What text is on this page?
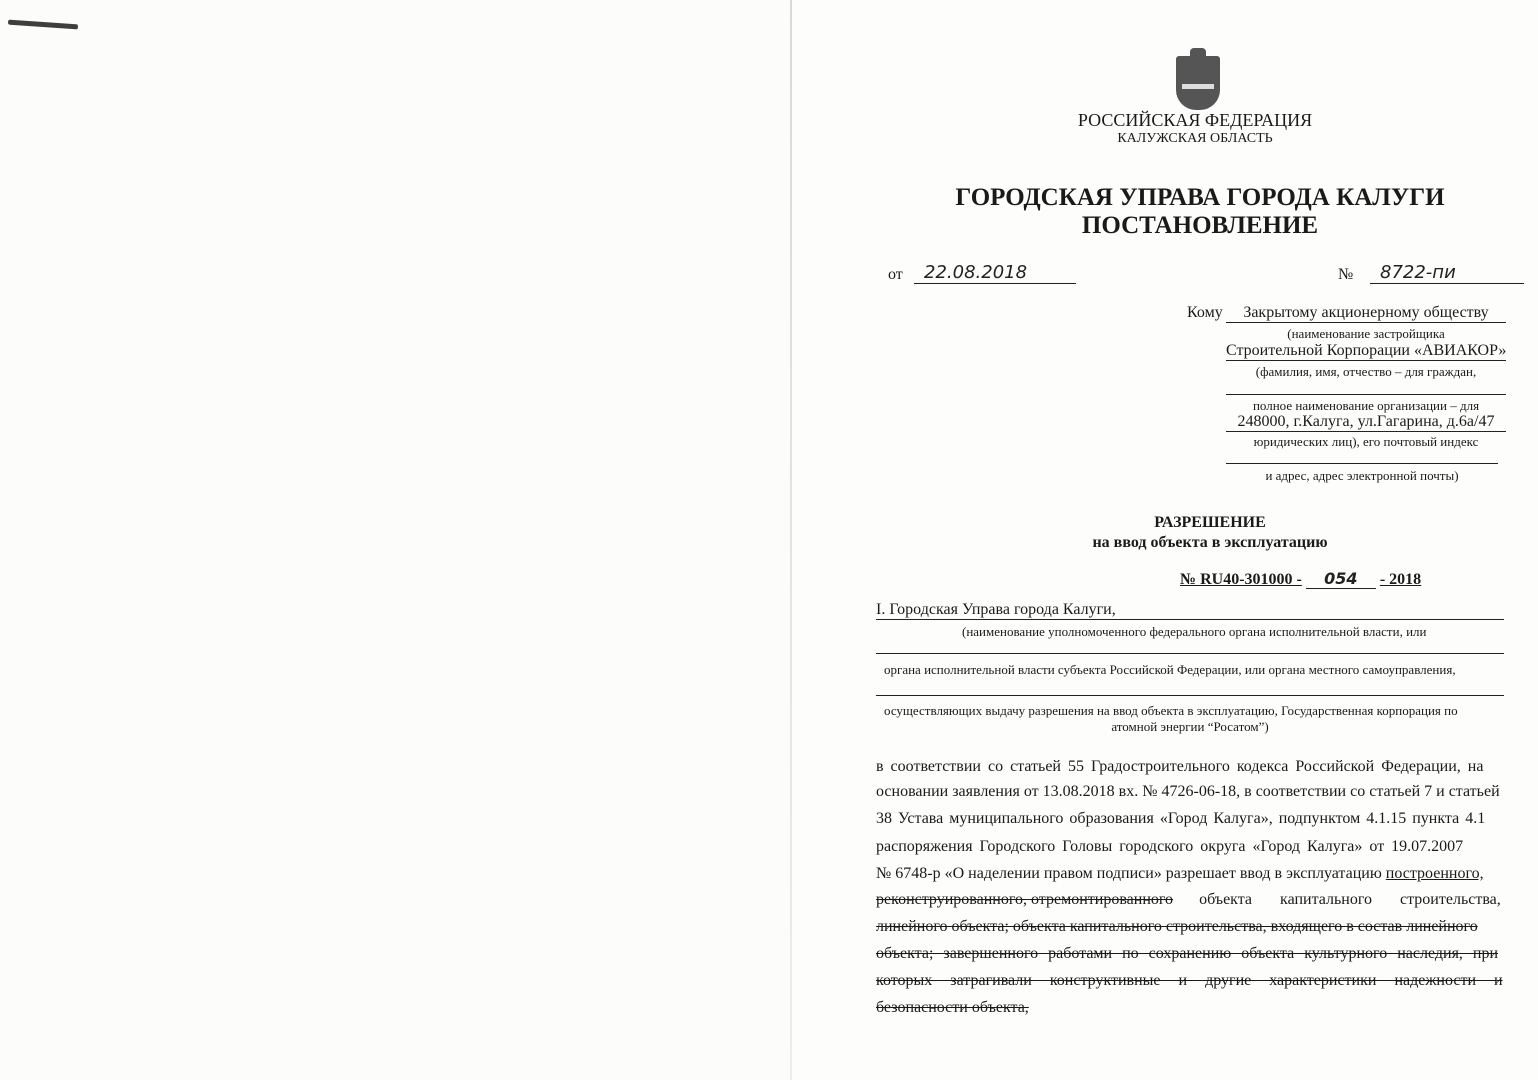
РОССИЙСКАЯ ФЕДЕРАЦИЯ
КАЛУЖСКАЯ ОБЛАСТЬ
ГОРОДСКАЯ УПРАВА ГОРОДА КАЛУГИ
ПОСТАНОВЛЕНИЕ
от	22.08.2018	№	8722-пи
Кому	Закрытому акционерному обществу
(наименование застройщика
Строительной Корпорации «АВИАКОР»
(фамилия, имя, отчество – для граждан,
полное наименование организации – для
248000, г.Калуга, ул.Гагарина, д.6а/47
юридических лиц), его почтовый индекс
и адрес, адрес электронной почты)
РАЗРЕШЕНИЕ
на ввод объекта в эксплуатацию
№ RU40-301000 - 054 - 2018
I. Городская Управа города Калуги,
(наименование уполномоченного федерального органа исполнительной власти, или
органа исполнительной власти субъекта Российской Федерации, или органа местного самоуправления,
осуществляющих выдачу разрешения на ввод объекта в эксплуатацию, Государственная корпорация по
атомной энергии “Росатом”)
в соответствии со статьей 55 Градостроительного кодекса Российской Федерации, на
основании заявления от 13.08.2018 вх. № 4726-06-18, в соответствии со статьей 7 и статьей
38 Устава муниципального образования «Город Калуга», подпунктом 4.1.15 пункта 4.1
распоряжения Городского Головы городского округа «Город Калуга» от 19.07.2007
№ 6748-р «О наделении правом подписи» разрешает ввод в эксплуатацию построенного,
реконструированного, отремонтированного объекта капитального строительства,
линейного объекта; объекта капитального строительства, входящего в состав линейного
объекта; завершенного работами по сохранению объекта культурного наследия, при
которых затрагивали конструктивные и другие характеристики надежности и
безопасности объекта,
